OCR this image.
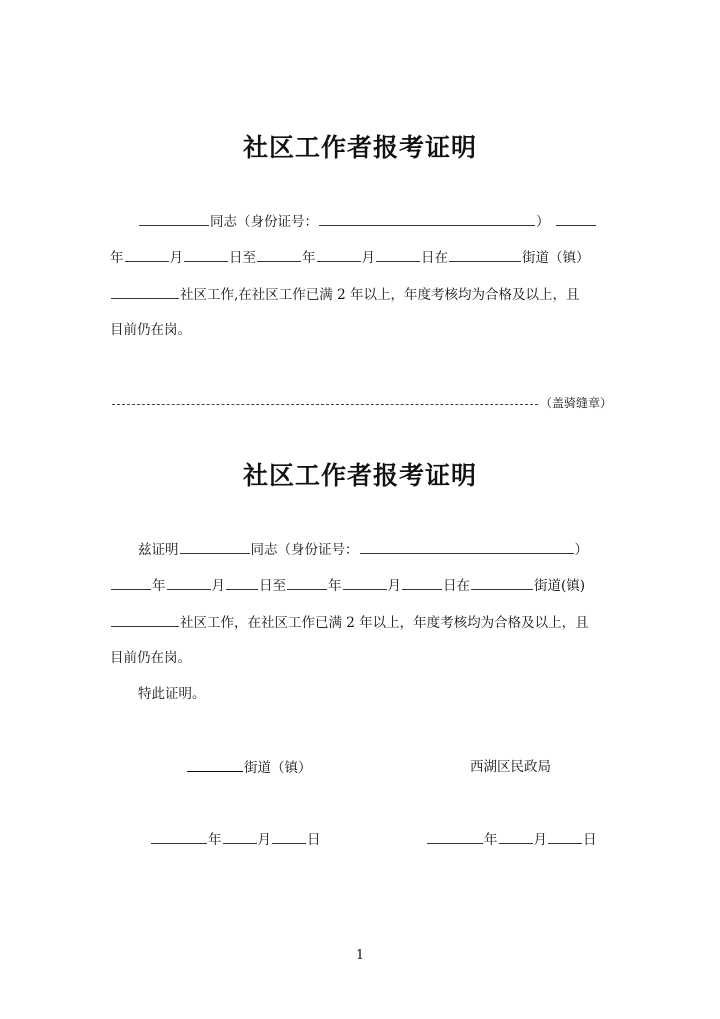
社区工作者报考证明
同志（身份证号：	）
年	月	日至	年	月	日在	街道（镇）
社区工作,在社区工作已满 2 年以上，年度考核均为合格及以上，且
目前仍在岗。
（盖骑缝章）
社区工作者报考证明
兹证明	同志（身份证号：	）
年	月	日至	年	月	日在	街道(镇)
社区工作，在社区工作已满 2 年以上，年度考核均为合格及以上，且
目前仍在岗。
特此证明。
街道（镇）	西湖区民政局
年	月	日	年	月	日
1
